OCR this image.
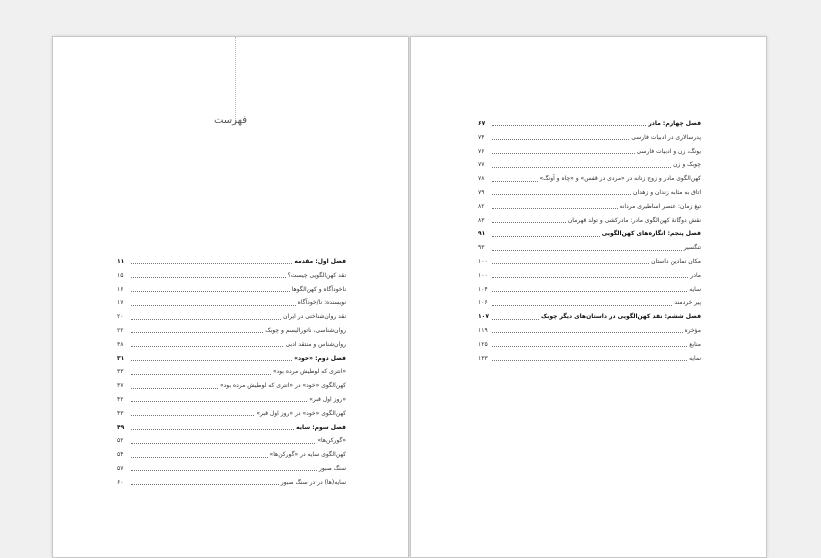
فهرست
فصل اول: مقدمه
۱۱
نقد کهن‌الگویی چیست؟
۱۵
ناخودآگاه و کهن‌الگوها
۱۶
نویسنده: نا/خودآگاه
۱۷
نقد روان‌شناختی در ایران
۲۰
روان‌شناسی، ناتورالیسم و چوبک
۲۲
روان‌شناس و منتقد ادبی
۳۸
فصل دوم: «خود»
۳۱
«انتری که لوطیش مرده بود»
۳۳
کهن‌الگوی «خود» در «انتری که لوطیش مرده بود»
۳۷
«روز اول قبر»
۴۲
کهن‌الگوی «خود» در «روز اول قبر»
۴۳
فصل سوم: سایه
۴۹
«گورکن‌ها»
۵۲
کهن‌الگوی سایه در «گورکن‌ها»
۵۴
سنگ صبور
۵۷
سایه(ها) در در سنگ صبور
۶۰
فصل چهارم: مادر
۶۷
پدرسالاری در ادبیات فارسی
۷۴
یونگ، زن و ادبیات فارسی
۷۶
چوبک و زن
۷۷
کهن‌الگوی مادر و زوج زنانه در «مردی در قفس» و «چاه و آونگ»
۷۸
اتاق به مثابه زندان و زهدان
۷۹
تیغ زمان: عنصر اساطیری مردانه
۸۲
نقش دوگانهٔ کهن‌الگوی مادر: مادرکشی و تولد قهرمان
۸۳
فصل پنجم: انگاره‌های کهن‌الگویی
۹۱
تنگسیر
۹۳
مکان نمادین داستان
۱۰۰
مادر
۱۰۰
سایه
۱۰۴
پیر خردمند
۱۰۶
فصل ششم: نقد کهن‌الگویی در داستان‌های دیگر چوبک
۱۰۷
مؤخره
۱۱۹
منابع
۱۲۵
نمایه
۱۳۳
